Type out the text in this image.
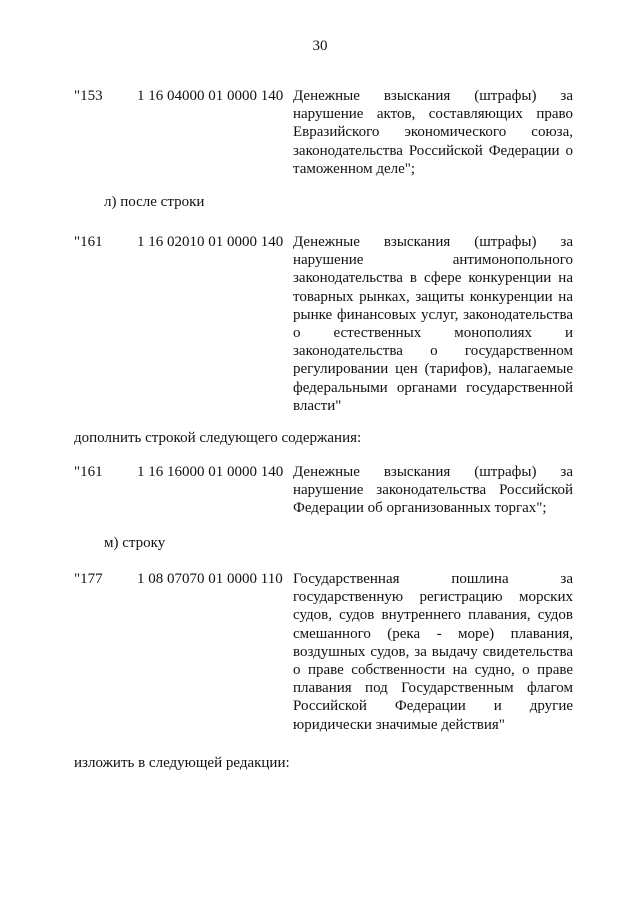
30
"153 1 16 04000 01 0000 140 Денежные взыскания (штрафы) за нарушение актов, составляющих право Евразийского экономического союза, законодательства Российской Федерации о таможенном деле";
л) после строки
"161 1 16 02010 01 0000 140 Денежные взыскания (штрафы) за нарушение антимонопольного законодательства в сфере конкуренции на товарных рынках, защиты конкуренции на рынке финансовых услуг, законодательства о естественных монополиях и законодательства о государственном регулировании цен (тарифов), налагаемые федеральными органами государственной власти"
дополнить строкой следующего содержания:
"161 1 16 16000 01 0000 140 Денежные взыскания (штрафы) за нарушение законодательства Российской Федерации об организованных торгах";
м) строку
"177 1 08 07070 01 0000 110 Государственная пошлина за государственную регистрацию морских судов, судов внутреннего плавания, судов смешанного (река - море) плавания, воздушных судов, за выдачу свидетельства о праве собственности на судно, о праве плавания под Государственным флагом Российской Федерации и другие юридически значимые действия"
изложить в следующей редакции:
